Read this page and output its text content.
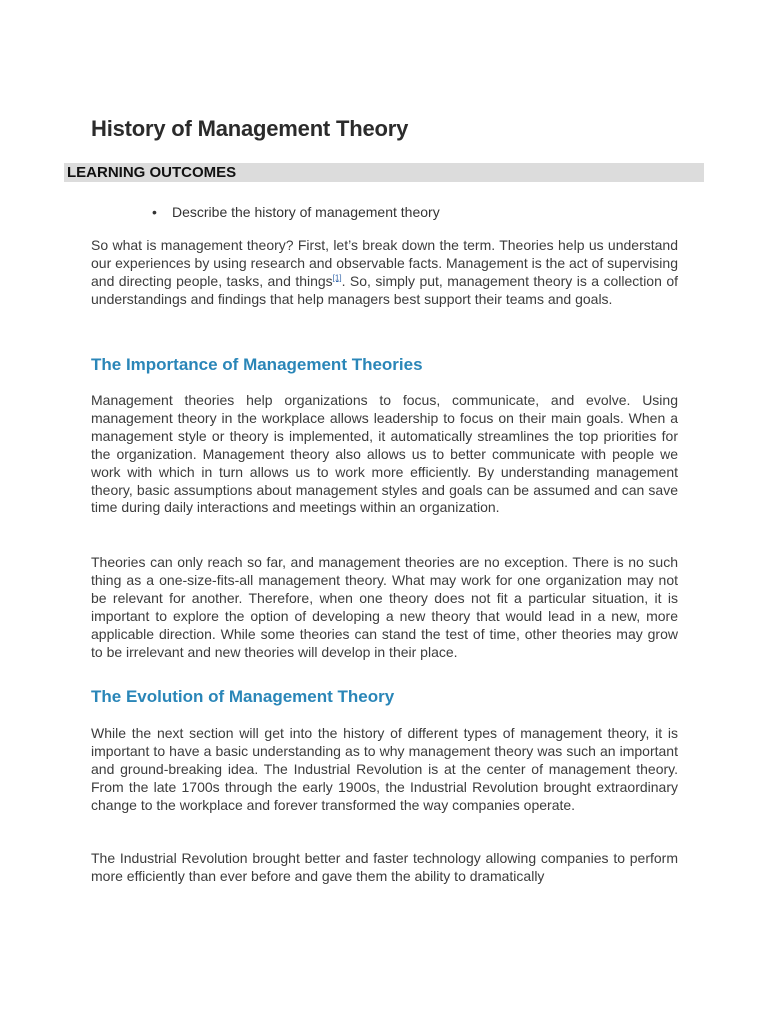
History of Management Theory
LEARNING OUTCOMES
• Describe the history of management theory

So what is management theory? First, let’s break down the term. Theories help us understand our experiences by using research and observable facts. Management is the act of supervising and directing people, tasks, and things[1]. So, simply put, management theory is a collection of understandings and findings that help managers best support their teams and goals.

The Importance of Management Theories

Management theories help organizations to focus, communicate, and evolve. Using management theory in the workplace allows leadership to focus on their main goals. When a management style or theory is implemented, it automatically streamlines the top priorities for the organization. Management theory also allows us to better communicate with people we work with which in turn allows us to work more efficiently. By understanding management theory, basic assumptions about management styles and goals can be assumed and can save time during daily interactions and meetings within an organization.

Theories can only reach so far, and management theories are no exception. There is no such thing as a one-size-fits-all management theory. What may work for one organization may not be relevant for another. Therefore, when one theory does not fit a particular situation, it is important to explore the option of developing a new theory that would lead in a new, more applicable direction. While some theories can stand the test of time, other theories may grow to be irrelevant and new theories will develop in their place.

The Evolution of Management Theory

While the next section will get into the history of different types of management theory, it is important to have a basic understanding as to why management theory was such an important and ground-breaking idea. The Industrial Revolution is at the center of management theory. From the late 1700s through the early 1900s, the Industrial Revolution brought extraordinary change to the workplace and forever transformed the way companies operate.

The Industrial Revolution brought better and faster technology allowing companies to perform more efficiently than ever before and gave them the ability to dramatically
